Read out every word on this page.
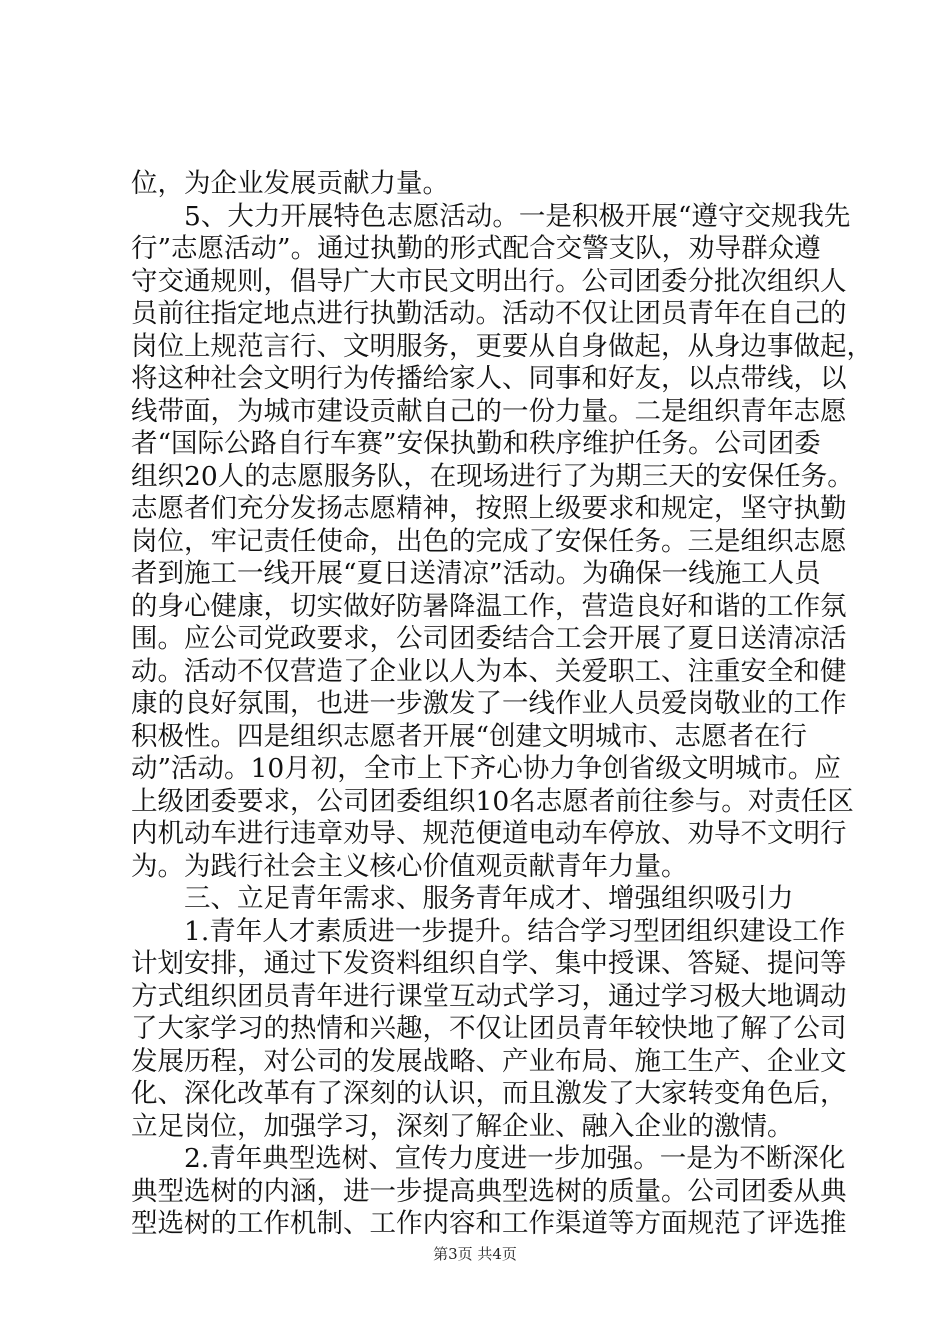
位，为企业发展贡献力量。
5、大力开展特色志愿活动。一是积极开展“遵守交规我先
行”志愿活动”。通过执勤的形式配合交警支队，劝导群众遵
守交通规则，倡导广大市民文明出行。公司团委分批次组织人
员前往指定地点进行执勤活动。活动不仅让团员青年在自己的
岗位上规范言行、文明服务，更要从自身做起，从身边事做起，
将这种社会文明行为传播给家人、同事和好友，以点带线，以
线带面，为城市建设贡献自己的一份力量。二是组织青年志愿
者“国际公路自行车赛”安保执勤和秩序维护任务。公司团委
组织20人的志愿服务队，在现场进行了为期三天的安保任务。
志愿者们充分发扬志愿精神，按照上级要求和规定，坚守执勤
岗位，牢记责任使命，出色的完成了安保任务。三是组织志愿
者到施工一线开展“夏日送清凉”活动。为确保一线施工人员
的身心健康，切实做好防暑降温工作，营造良好和谐的工作氛
围。应公司党政要求，公司团委结合工会开展了夏日送清凉活
动。活动不仅营造了企业以人为本、关爱职工、注重安全和健
康的良好氛围，也进一步激发了一线作业人员爱岗敬业的工作
积极性。四是组织志愿者开展“创建文明城市、志愿者在行
动”活动。10月初，全市上下齐心协力争创省级文明城市。应
上级团委要求，公司团委组织10名志愿者前往参与。对责任区
内机动车进行违章劝导、规范便道电动车停放、劝导不文明行
为。为践行社会主义核心价值观贡献青年力量。
三、立足青年需求、服务青年成才、增强组织吸引力
1.青年人才素质进一步提升。结合学习型团组织建设工作
计划安排，通过下发资料组织自学、集中授课、答疑、提问等
方式组织团员青年进行课堂互动式学习，通过学习极大地调动
了大家学习的热情和兴趣，不仅让团员青年较快地了解了公司
发展历程，对公司的发展战略、产业布局、施工生产、企业文
化、深化改革有了深刻的认识，而且激发了大家转变角色后，
立足岗位，加强学习，深刻了解企业、融入企业的激情。
2.青年典型选树、宣传力度进一步加强。一是为不断深化
典型选树的内涵，进一步提高典型选树的质量。公司团委从典
型选树的工作机制、工作内容和工作渠道等方面规范了评选推
第3页 共4页
